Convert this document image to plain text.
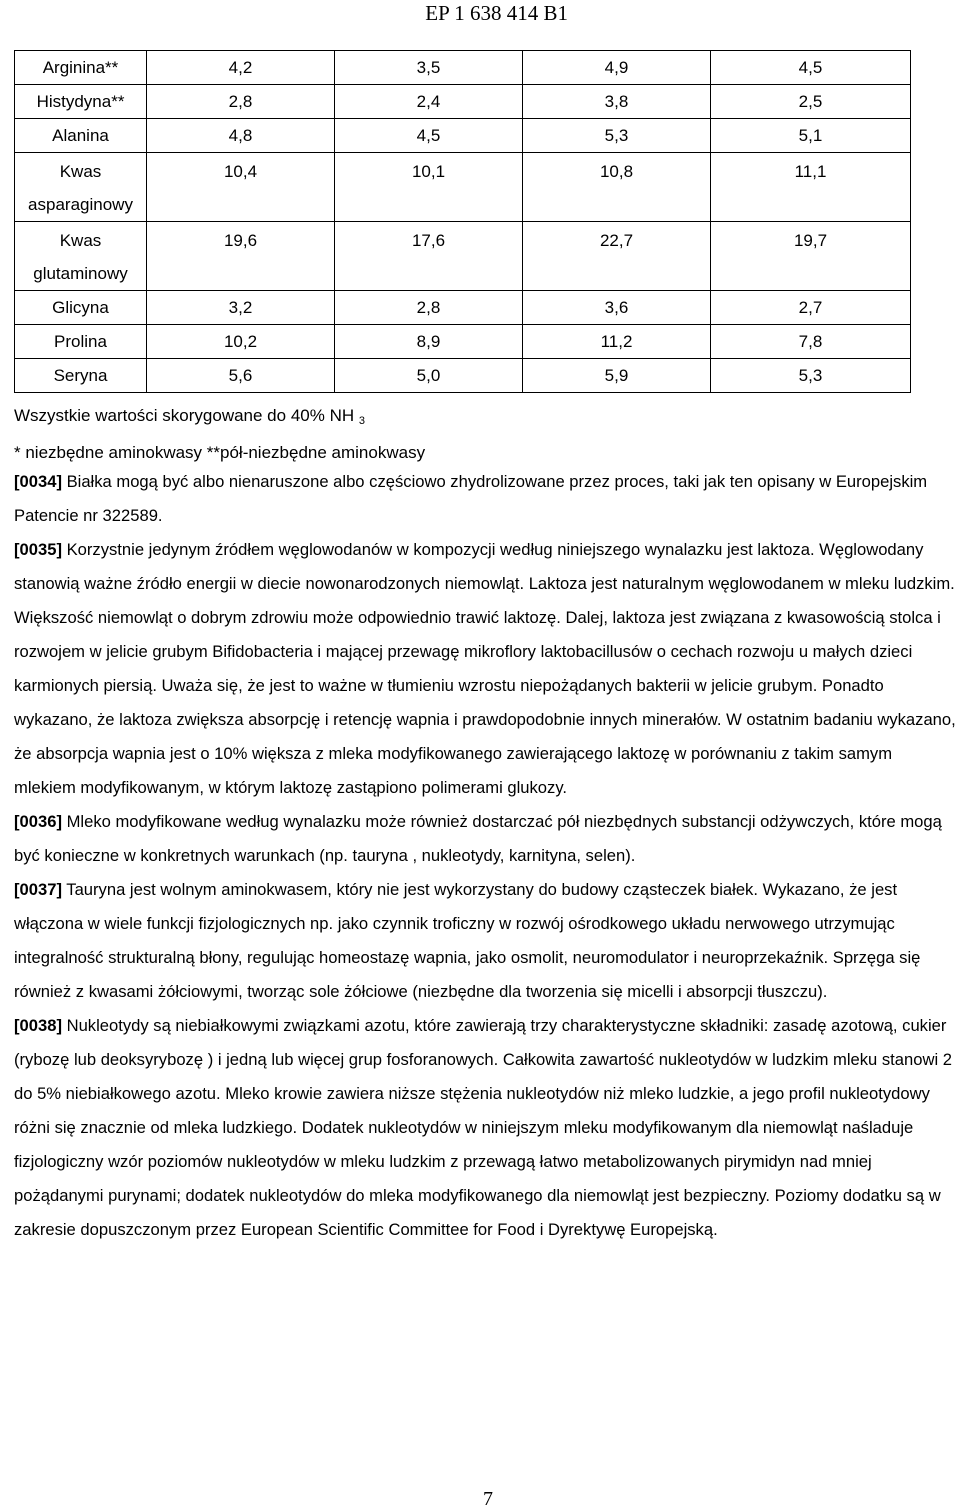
EP 1 638 414 B1
Arginina**	4,2	3,5	4,9	4,5
Histydyna**	2,8	2,4	3,8	2,5
Alanina	4,8	4,5	5,3	5,1
Kwas asparaginowy	10,4	10,1	10,8	11,1
Kwas glutaminowy	19,6	17,6	22,7	19,7
Glicyna	3,2	2,8	3,6	2,7
Prolina	10,2	8,9	11,2	7,8
Seryna	5,6	5,0	5,9	5,3
Wszystkie wartości skorygowane do 40% NH $_3$
* niezbędne aminokwasy **pół-niezbędne aminokwasy

[0034] Białka mogą być albo nienaruszone albo częściowo zhydrolizowane przez proces, taki jak ten opisany w Europejskim Patencie nr 322589.

[0035] Korzystnie jedynym źródłem węglowodanów w kompozycji według niniejszego wynalazku jest laktoza. Węglowodany stanowią ważne źródło energii w diecie nowonarodzonych niemowląt. Laktoza jest naturalnym węglowodanem w mleku ludzkim. Większość niemowląt o dobrym zdrowiu może odpowiednio trawić laktozę. Dalej, laktoza jest związana z kwasowością stolca i rozwojem w jelicie grubym Bifidobacteria i mającej przewagę mikroflory laktobacillusów o cechach rozwoju u małych dzieci karmionych piersią. Uważa się, że jest to ważne w tłumieniu wzrostu niepożądanych bakterii w jelicie grubym. Ponadto wykazano, że laktoza zwiększa absorpcję i retencję wapnia i prawdopodobnie innych minerałów. W ostatnim badaniu wykazano, że absorpcja wapnia jest o 10% większa z mleka modyfikowanego zawierającego laktozę w porównaniu z takim samym mlekiem modyfikowanym, w którym laktozę zastąpiono polimerami glukozy.

[0036] Mleko modyfikowane według wynalazku może również dostarczać pół niezbędnych substancji odżywczych, które mogą być konieczne w konkretnych warunkach (np. tauryna , nukleotydy, karnityna, selen).

[0037] Tauryna jest wolnym aminokwasem, który nie jest wykorzystany do budowy cząsteczek białek. Wykazano, że jest włączona w wiele funkcji fizjologicznych np. jako czynnik troficzny w rozwój ośrodkowego układu nerwowego utrzymując integralność strukturalną błony, regulując homeostazę wapnia, jako osmolit, neuromodulator i neuroprzekaźnik. Sprzęga się również z kwasami żółciowymi, tworząc sole żółciowe (niezbędne dla tworzenia się micelli i absorpcji tłuszczu).

[0038] Nukleotydy są niebiałkowymi związkami azotu, które zawierają trzy charakterystyczne składniki: zasadę azotową, cukier (rybozę lub deoksyrybozę ) i jedną lub więcej grup fosforanowych. Całkowita zawartość nukleotydów w ludzkim mleku stanowi 2 do 5% niebiałkowego azotu. Mleko krowie zawiera niższe stężenia nukleotydów niż mleko ludzkie, a jego profil nukleotydowy różni się znacznie od mleka ludzkiego. Dodatek nukleotydów w niniejszym mleku modyfikowanym dla niemowląt naśladuje fizjologiczny wzór poziomów nukleotydów w mleku ludzkim z przewagą łatwo metabolizowanych pirymidyn nad mniej pożądanymi purynami; dodatek nukleotydów do mleka modyfikowanego dla niemowląt jest bezpieczny. Poziomy dodatku są w zakresie dopuszczonym przez European Scientific Committee for Food i Dyrektywę Europejską.

7
